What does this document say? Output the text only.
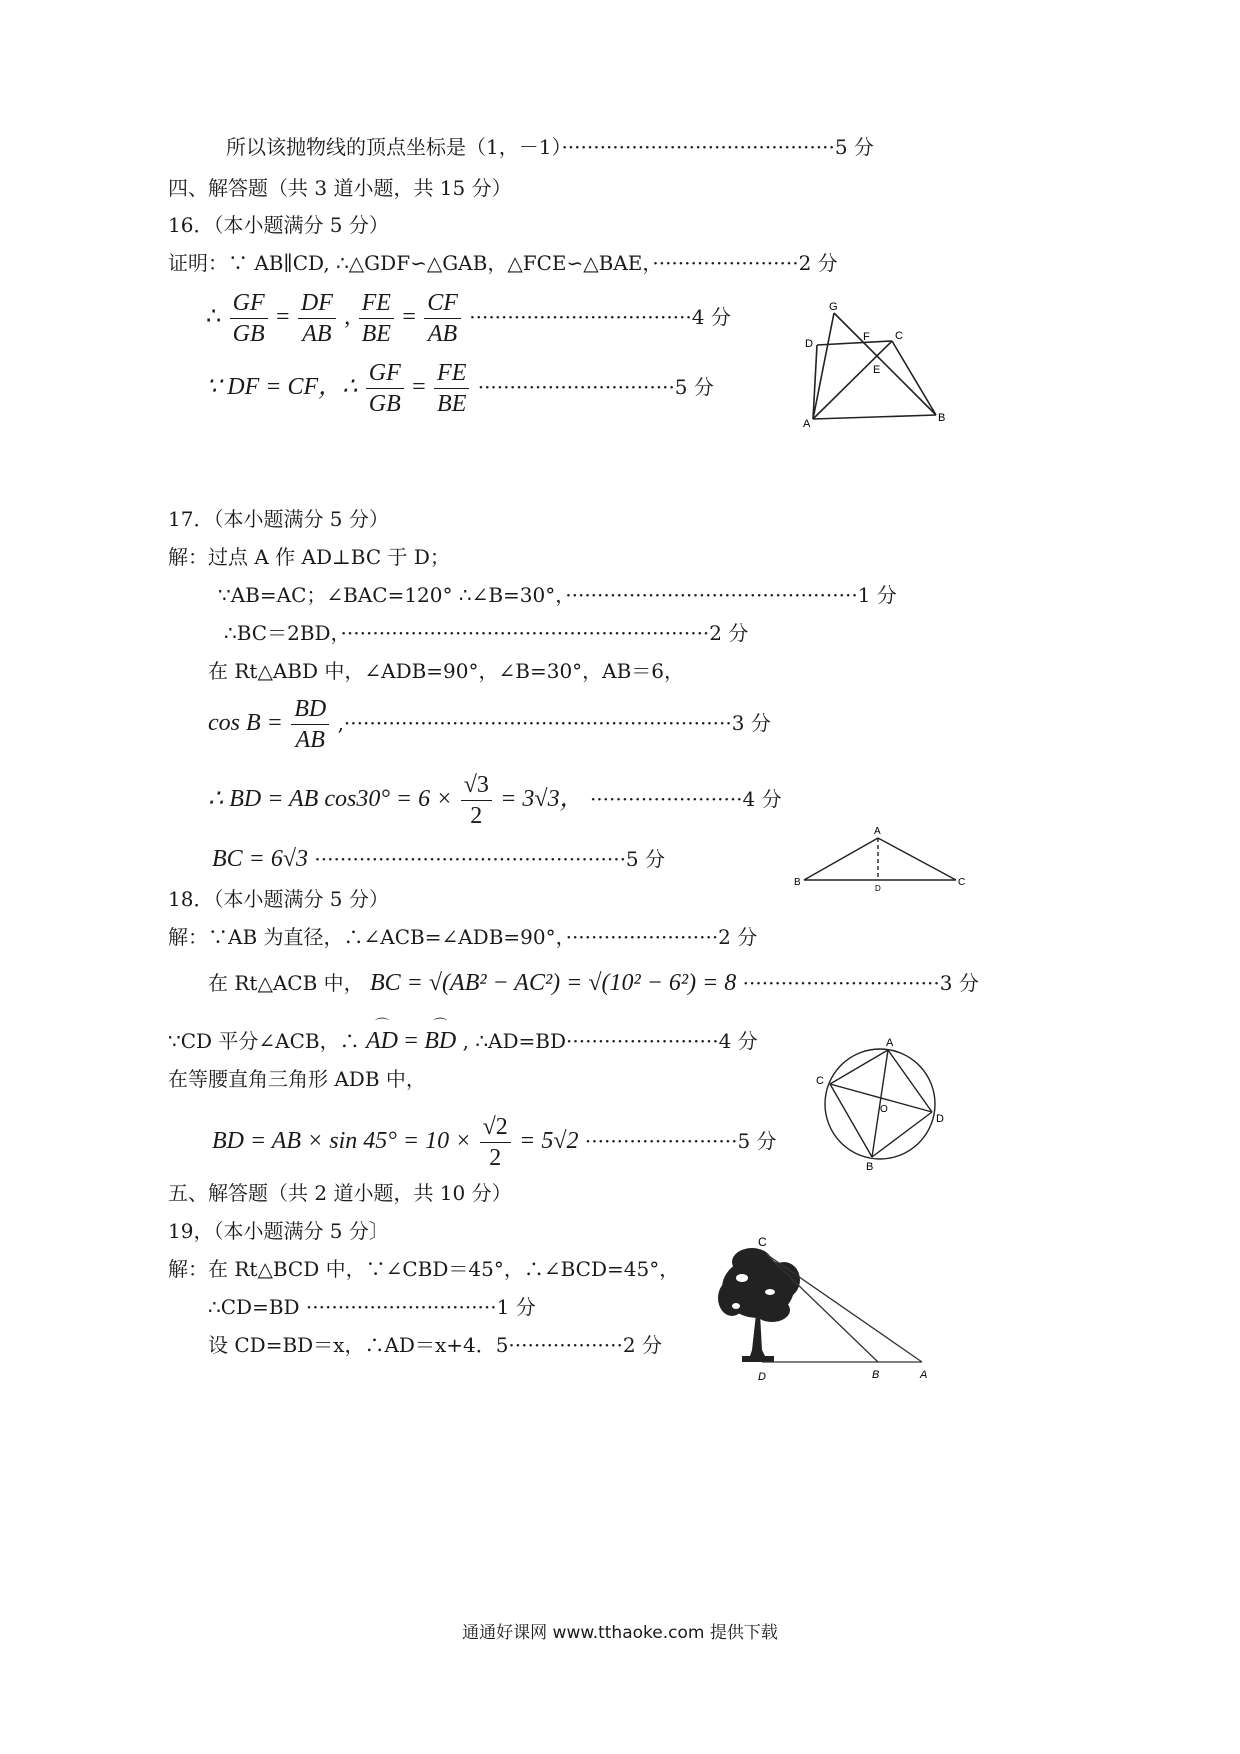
所以该抛物线的顶点坐标是（1，－1）···········································5 分
四、解答题（共 3 道小题，共 15 分）
16．（本小题满分 5 分）
证明：∵ AB∥CD, ∴△GDF∽△GAB，△FCE∽△BAE，·······················2 分
∴ $\frac{GF}{GB} = \frac{DF}{AB}$ , $\frac{FE}{BE} = \frac{CF}{AB} \cdot\cdot\cdot\cdot\cdot\cdot\cdot\cdot\cdot\cdot\cdot\cdot\cdot\cdot\cdot\cdot\cdot\cdot\cdot\cdot\cdot\cdot\cdot\cdot\cdot\cdot\cdot\cdot\cdot\cdot\cdot\cdot\cdot\cdot\cdot 4$ 分
∵ DF = CF，∴ $\frac{GF}{GB} = \frac{FE}{BE} \cdot\cdot\cdot\cdot\cdot\cdot\cdot\cdot\cdot\cdot\cdot\cdot\cdot\cdot\cdot\cdot\cdot\cdot\cdot\cdot\cdot\cdot\cdot\cdot\cdot\cdot\cdot\cdot\cdot\cdot\cdot 5$ 分
G
D
F C
E
A	B
17．（本小题满分 5 分）
解：过点 A 作 AD⊥BC 于 D；
∵AB=AC；∠BAC=120° ∴∠B=30°，··············································1 分
∴BC＝2BD，··························································2 分
在 Rt△ABD 中，∠ADB=90°，∠B=30°，AB＝6，
$\cos B = \frac{BD}{AB} ,\cdot\cdot\cdot\cdot\cdot\cdot\cdot\cdot\cdot\cdot\cdot\cdot\cdot\cdot\cdot\cdot\cdot\cdot\cdot\cdot\cdot\cdot\cdot\cdot\cdot\cdot\cdot\cdot\cdot\cdot\cdot\cdot\cdot\cdot\cdot\cdot\cdot\cdot\cdot\cdot\cdot\cdot\cdot\cdot\cdot\cdot\cdot\cdot\cdot\cdot\cdot\cdot\cdot\cdot\cdot\cdot\cdot\cdot\cdot\cdot\cdot 3$ 分
∴ BD = AB $\cos 30^\circ = 6 \times \frac{√3}{2} = 3√3$， ························4 分
BC = 6√3 ·················································5 分
A
B
D
C
18．（本小题满分 5 分）
解：∵AB 为直径，∴∠ACB=∠ADB=90°，························2 分
在 Rt△ACB 中， BC = √(AB² − AC²) = √(10² − 6²) = 8 ·······························3 分
∵CD 平分∠ACB，∴ ⌒ AD = ⌒ BD , ∴AD=BD························4 分
在等腰直角三角形 ADB 中，
BD = AB × $\sin 45^\circ = 10 \times \frac{√2}{2} = 5√2 \cdot\cdot\cdot\cdot\cdot\cdot\cdot\cdot\cdot\cdot\cdot\cdot\cdot\cdot\cdot\cdot\cdot\cdot\cdot\cdot\cdot\cdot\cdot\cdot 5$ 分
A
C
O
D
B
五、解答题（共 2 道小题，共 10 分）
19，（本小题满分 5 分〕
解：在 Rt△BCD 中，∵∠CBD＝45°，∴∠BCD=45°，
∴CD=BD ······························1 分
设 CD=BD＝x，∴AD＝x+4．5··················2 分
C
D	B	A
通通好课网 www.tthaoke.com 提供下载
